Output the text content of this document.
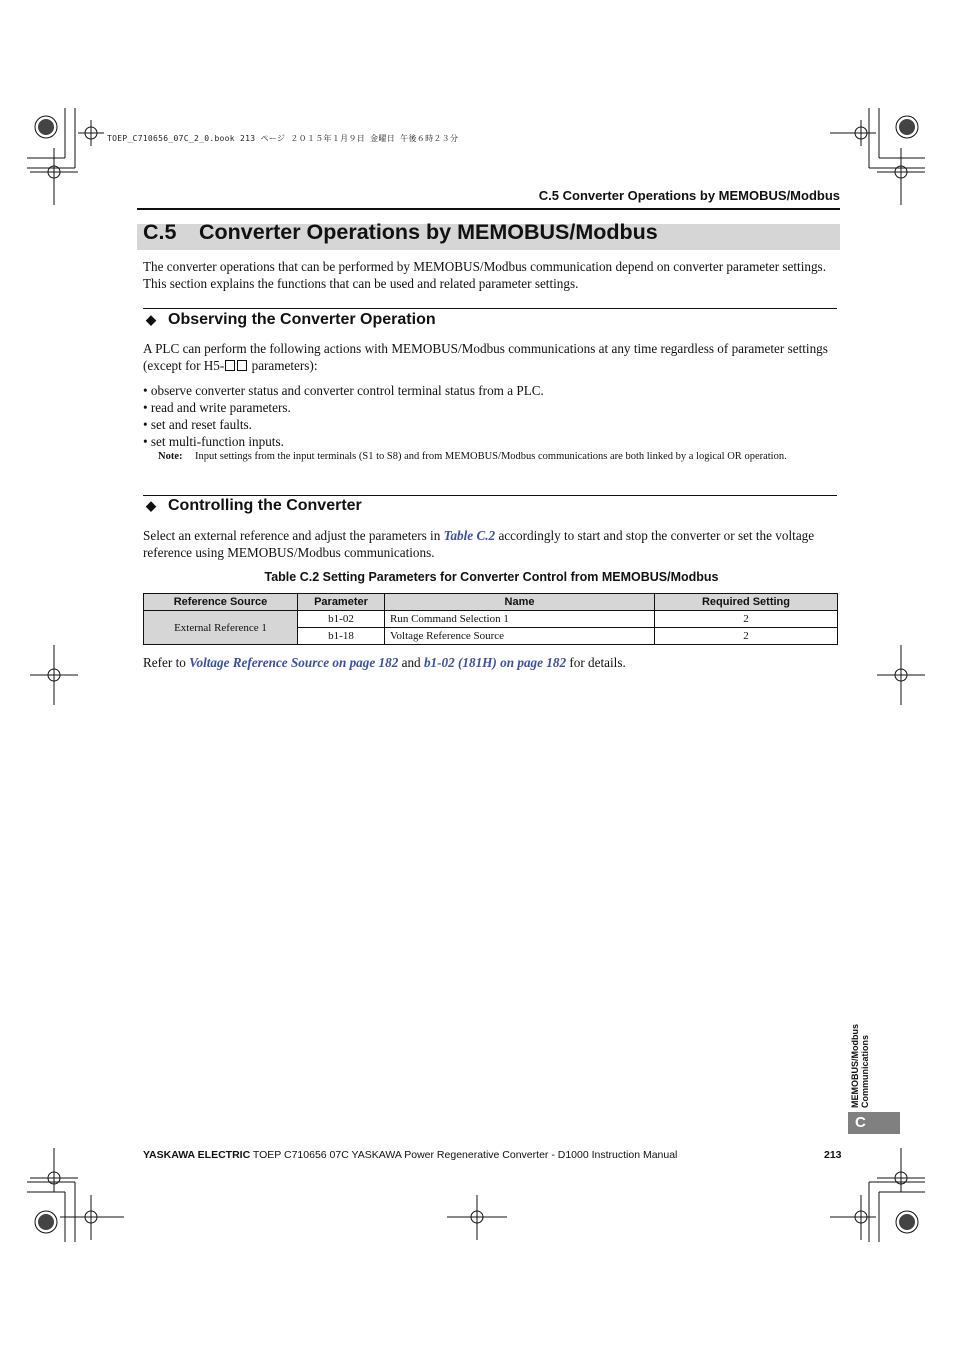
TOEP_C710656_07C_2_0.book 213 ページ ２０１５年１月９日 金曜日 午後６時２３分
C.5 Converter Operations by MEMOBUS/Modbus
C.5 Converter Operations by MEMOBUS/Modbus
The converter operations that can be performed by MEMOBUS/Modbus communication depend on converter parameter settings. This section explains the functions that can be used and related parameter settings.
◆ Observing the Converter Operation
A PLC can perform the following actions with MEMOBUS/Modbus communications at any time regardless of parameter settings (except for H5- parameters):
• observe converter status and converter control terminal status from a PLC.
• read and write parameters.
• set and reset faults.
• set multi-function inputs.
Note: Input settings from the input terminals (S1 to S8) and from MEMOBUS/Modbus communications are both linked by a logical OR operation.
◆ Controlling the Converter
Select an external reference and adjust the parameters in Table C.2 accordingly to start and stop the converter or set the voltage reference using MEMOBUS/Modbus communications.
Table C.2 Setting Parameters for Converter Control from MEMOBUS/Modbus
Reference Source	Parameter	Name	Required Setting
External Reference 1	b1-02	Run Command Selection 1	2
	b1-18	Voltage Reference Source	2
Refer to Voltage Reference Source on page 182 and b1-02 (181H) on page 182 for details.
MEMOBUS/Modbus Communications
C
YASKAWA ELECTRIC TOEP C710656 07C YASKAWA Power Regenerative Converter - D1000 Instruction Manual	213
